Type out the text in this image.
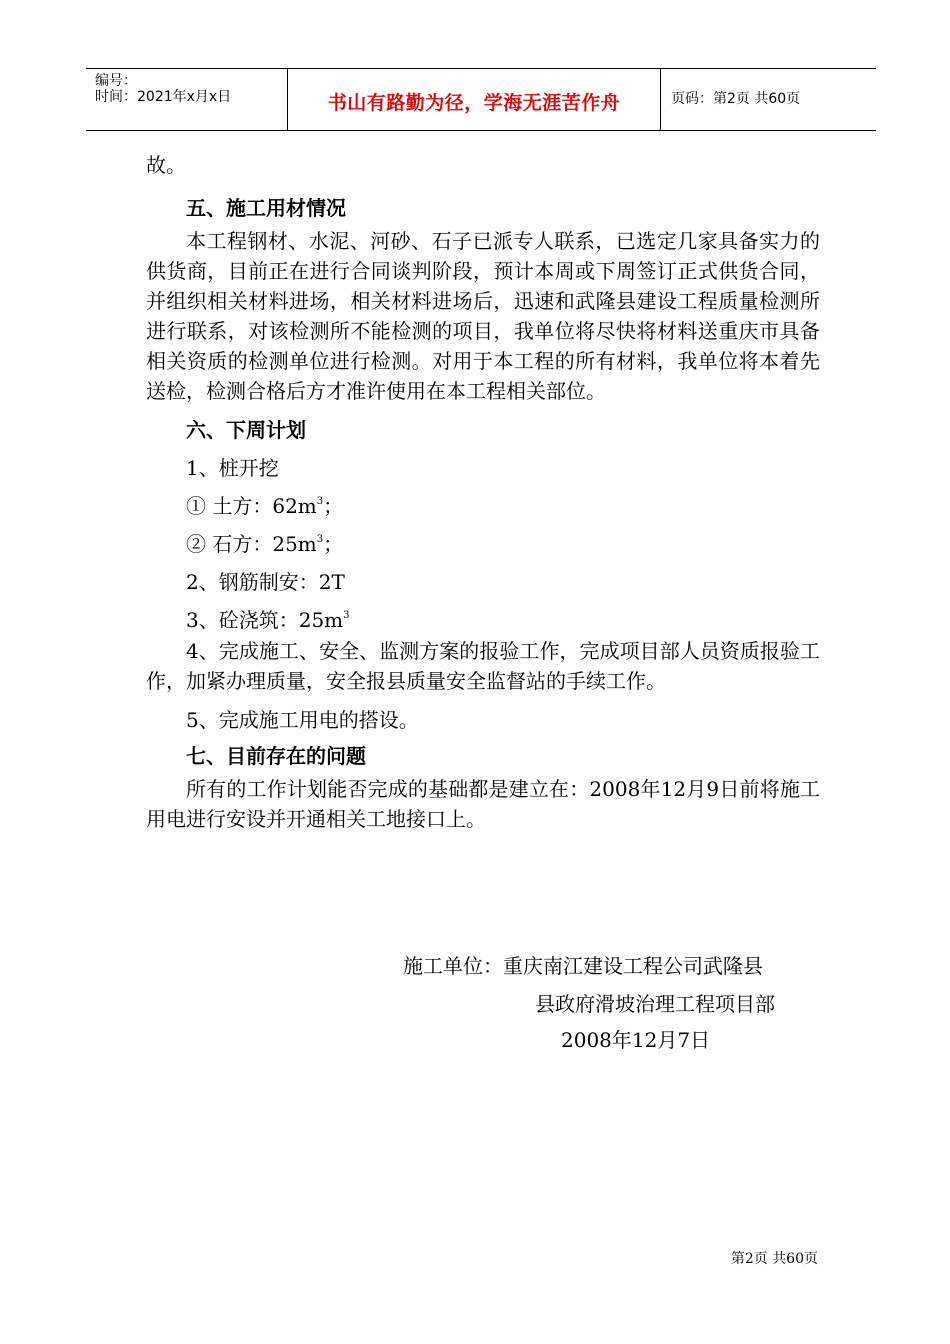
编号：
时间：2021年x月x日	书山有路勤为径，学海无涯苦作舟	页码：第2页 共60页

故。

五、施工用材情况

本工程钢材、水泥、河砂、石子已派专人联系，已选定几家具备实力的供货商，目前正在进行合同谈判阶段，预计本周或下周签订正式供货合同，并组织相关材料进场，相关材料进场后，迅速和武隆县建设工程质量检测所进行联系，对该检测所不能检测的项目，我单位将尽快将材料送重庆市具备相关资质的检测单位进行检测。对用于本工程的所有材料，我单位将本着先送检，检测合格后方才准许使用在本工程相关部位。

六、下周计划

1、桩开挖

① 土方：$62m^3$；

② 石方：$25m^3$；

2、钢筋制安：2T

3、砼浇筑：$25m^3$

4、完成施工、安全、监测方案的报验工作，完成项目部人员资质报验工作，加紧办理质量，安全报县质量安全监督站的手续工作。

5、完成施工用电的搭设。

七、目前存在的问题

所有的工作计划能否完成的基础都是建立在：2008年12月9日前将施工用电进行安设并开通相关工地接口上。

施工单位：重庆南江建设工程公司武隆县

县政府滑坡治理工程项目部

2008年12月7日

第2页 共60页
